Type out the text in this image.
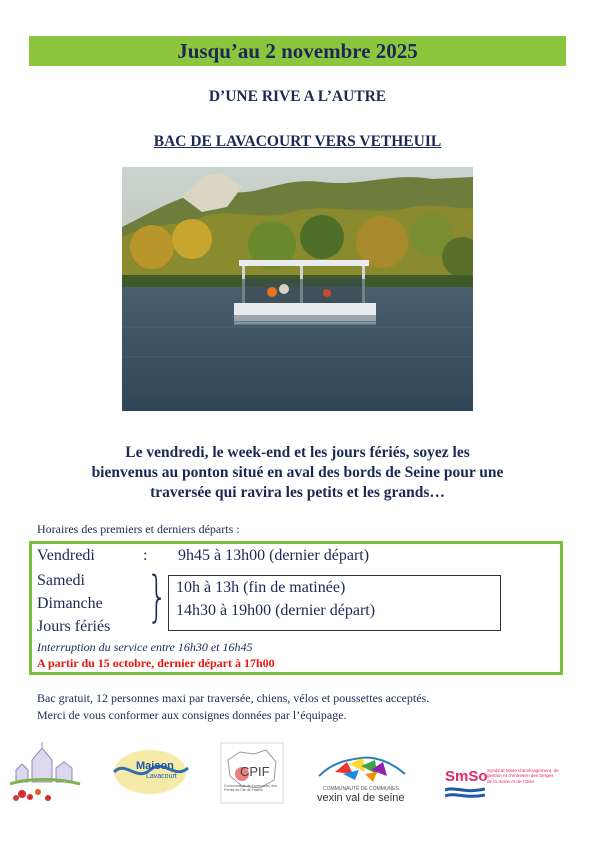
Jusqu’au 2 novembre 2025
D’UNE RIVE A L’AUTRE
BAC DE LAVACOURT VERS VETHEUIL
Le vendredi, le week-end et les jours fériés, soyez les
bienvenus au ponton situé en aval des bords de Seine pour une
traversée qui ravira les petits et les grands…
Horaires des premiers et derniers départs :
Vendredi	: 9h45 à 13h00 (dernier départ)
Samedi
Dimanche
Jours fériés } 10h à 13h (fin de matinée)
14h30 à 19h00 (dernier départ)
Interruption du service entre 16h30 et 16h45
A partir du 15 octobre, dernier départ à 17h00
Bac gratuit, 12 personnes maxi par traversée, chiens, vélos et poussettes acceptés.
Merci de vous conformer aux consignes données par l’équipage.
Maison
Lavacourt	CPIF
Communauté de Communes des Portes de l'Ile de France	COMMUNAUTÉ DE COMMUNES
vexin val de seine
SmSo Syndicat Mixte d'aménagement, de gestion et d'entretien des berges de la Seine et de l'Oise
